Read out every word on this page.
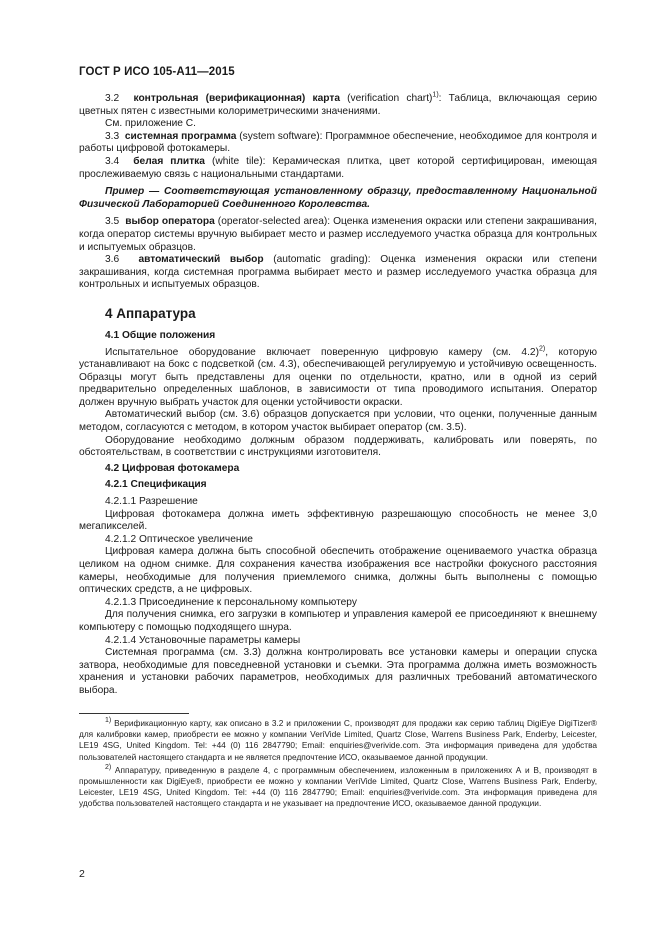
ГОСТ Р ИСО 105-А11—2015

3.2 контрольная (верификационная) карта (verification chart)$^{1)}$: Таблица, включающая серию цветных пятен с известными колориметрическими значениями.

См. приложение С.

3.3 системная программа (system software): Программное обеспечение, необходимое для контроля и работы цифровой фотокамеры.

3.4 белая плитка (white tile): Керамическая плитка, цвет которой сертифицирован, имеющая прослеживаемую связь с национальными стандартами.

Пример — Соответствующая установленному образцу, предоставленному Национальной Физической Лабораторией Соединенного Королевства.

3.5 выбор оператора (operator-selected area): Оценка изменения окраски или степени закрашивания, когда оператор системы вручную выбирает место и размер исследуемого участка образца для контрольных и испытуемых образцов.

3.6 автоматический выбор (automatic grading): Оценка изменения окраски или степени закрашивания, когда системная программа выбирает место и размер исследуемого участка образца для контрольных и испытуемых образцов.

4 Аппаратура

4.1 Общие положения

Испытательное оборудование включает поверенную цифровую камеру (см. 4.2)$^{2)}$, которую устанавливают на бокс с подсветкой (см. 4.3), обеспечивающей регулируемую и устойчивую освещенность. Образцы могут быть представлены для оценки по отдельности, кратно, или в одной из серий предварительно определенных шаблонов, в зависимости от типа проводимого испытания. Оператор должен вручную выбрать участок для оценки устойчивости окраски.

Автоматический выбор (см. 3.6) образцов допускается при условии, что оценки, полученные данным методом, согласуются с методом, в котором участок выбирает оператор (см. 3.5).

Оборудование необходимо должным образом поддерживать, калибровать или поверять, по обстоятельствам, в соответствии с инструкциями изготовителя.

4.2 Цифровая фотокамера

4.2.1 Спецификация

4.2.1.1 Разрешение

Цифровая фотокамера должна иметь эффективную разрешающую способность не менее 3,0 мегапикселей.

4.2.1.2 Оптическое увеличение

Цифровая камера должна быть способной обеспечить отображение оцениваемого участка образца целиком на одном снимке. Для сохранения качества изображения все настройки фокусного расстояния камеры, необходимые для получения приемлемого снимка, должны быть выполнены с помощью оптических средств, а не цифровых.

4.2.1.3 Присоединение к персональному компьютеру

Для получения снимка, его загрузки в компьютер и управления камерой ее присоединяют к внешнему компьютеру с помощью подходящего шнура.

4.2.1.4 Установочные параметры камеры

Системная программа (см. 3.3) должна контролировать все установки камеры и операции спуска затвора, необходимые для повседневной установки и съемки. Эта программа должна иметь возможность хранения и установки рабочих параметров, необходимых для различных требований автоматического выбора.

$^{1)}$ Верификационную карту, как описано в 3.2 и приложении С, производят для продажи как серию таблиц DigiEye DigiTizer® для калибровки камер, приобрести ее можно у компании VeriVide Limited, Quartz Close, Warrens Business Park, Enderby, Leicester, LE19 4SG, United Kingdom. Tel: +44 (0) 116 2847790; Email: enquiries@verivide.com. Эта информация приведена для удобства пользователей настоящего стандарта и не является предпочтение ИСО, оказываемое данной продукции.

$^{2)}$ Аппаратуру, приведенную в разделе 4, с программным обеспечением, изложенным в приложениях А и В, производят в промышленности как DigiEye®, приобрести ее можно у компании VeriVide Limited, Quartz Close, Warrens Business Park, Enderby, Leicester, LE19 4SG, United Kingdom. Tel: +44 (0) 116 2847790; Email: enquiries@verivide.com. Эта информация приведена для удобства пользователей настоящего стандарта и не указывает на предпочтение ИСО, оказываемое данной продукции.

2
